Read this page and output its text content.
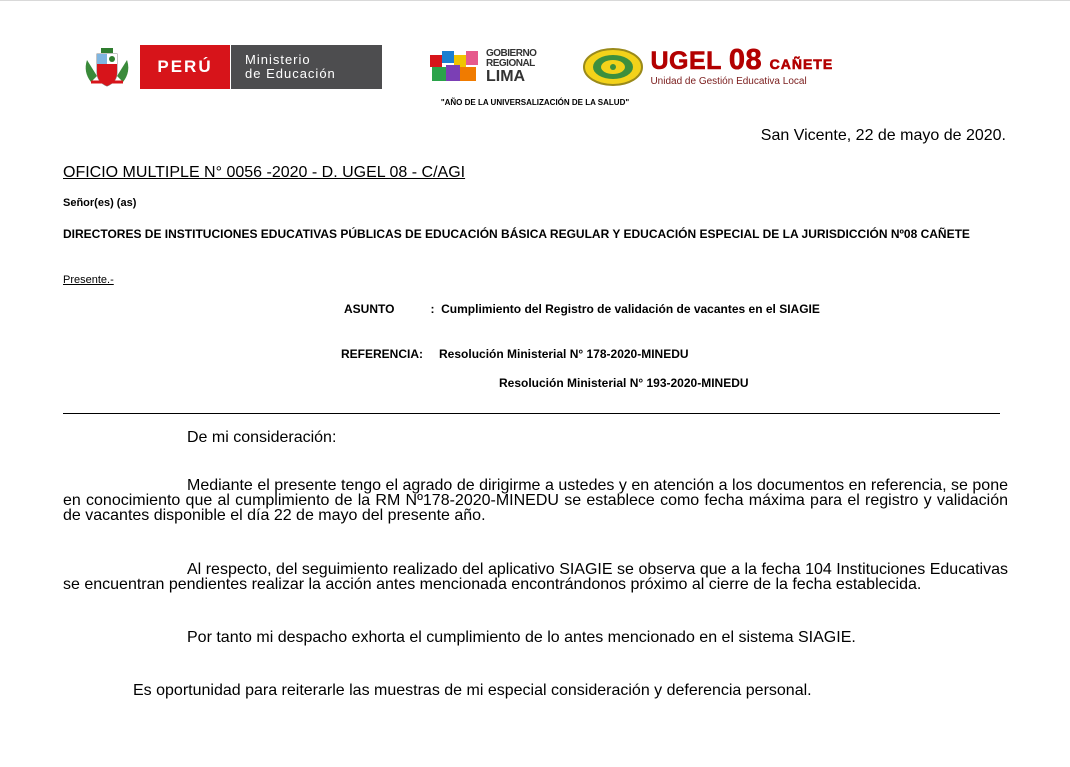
PERÚ	Ministerio
de Educación
GOBIERNO
REGIONAL
LIMA
UGEL 08 CAÑETE
Unidad de Gestión Educativa Local
"AÑO DE LA UNIVERSALIZACIÓN DE LA SALUD"
San Vicente, 22 de mayo de 2020.
OFICIO MULTIPLE N° 0056 -2020 - D. UGEL 08 - C/AGI
Señor(es) (as)
DIRECTORES DE INSTITUCIONES EDUCATIVAS PÚBLICAS DE EDUCACIÓN BÁSICA REGULAR Y EDUCACIÓN ESPECIAL DE LA JURISDICCIÓN Nº08 CAÑETE
Presente.-
ASUNTO	: Cumplimiento del Registro de validación de vacantes en el SIAGIE
REFERENCIA: Resolución Ministerial N° 178-2020-MINEDU
Resolución Ministerial N° 193-2020-MINEDU

De mi consideración:

Mediante el presente tengo el agrado de dirigirme a ustedes y en atención a los documentos en referencia, se pone en conocimiento que al cumplimiento de la RM Nº178-2020-MINEDU se establece como fecha máxima para el registro y validación de vacantes disponible el día 22 de mayo del presente año.

Al respecto, del seguimiento realizado del aplicativo SIAGIE se observa que a la fecha 104 Instituciones Educativas se encuentran pendientes realizar la acción antes mencionada encontrándonos próximo al cierre de la fecha establecida.

Por tanto mi despacho exhorta el cumplimiento de lo antes mencionado en el sistema SIAGIE.

Es oportunidad para reiterarle las muestras de mi especial consideración y deferencia personal.
